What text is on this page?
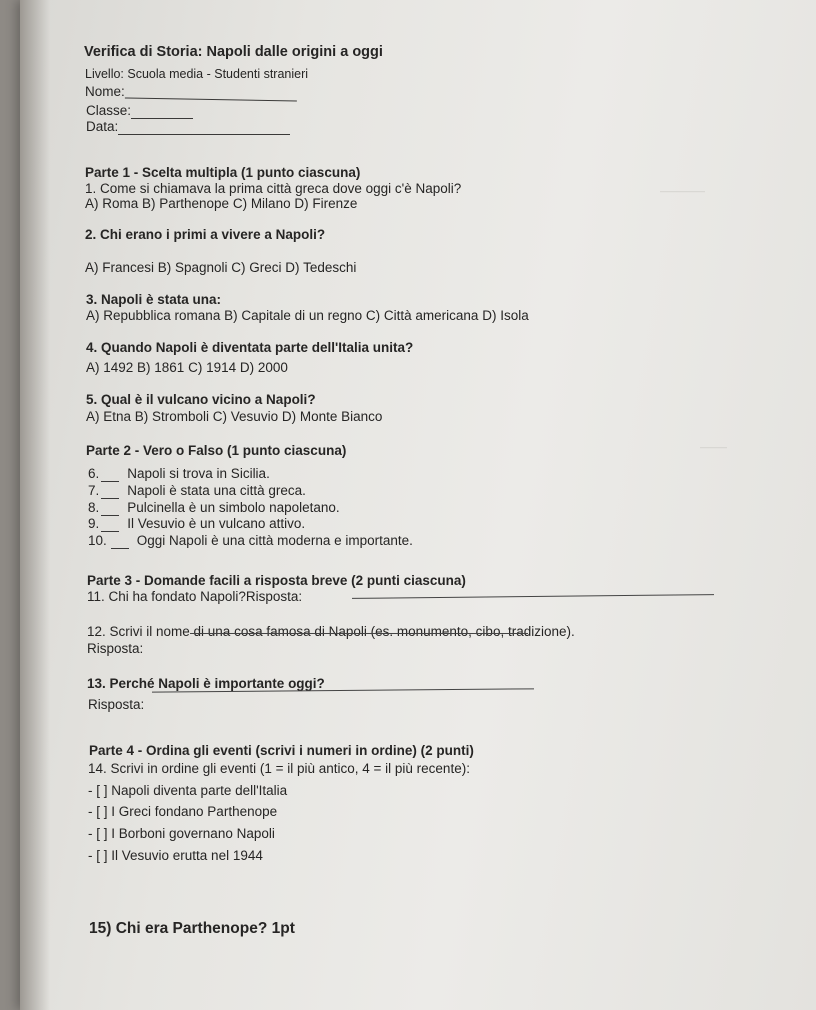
—————
———
Verifica di Storia: Napoli dalle origini a oggi
Livello: Scuola media - Studenti stranieri
Nome:
Classe:
Data:
Parte 1 - Scelta multipla (1 punto ciascuna)
1. Come si chiamava la prima città greca dove oggi c'è Napoli?
A) Roma B) Parthenope C) Milano D) Firenze
2. Chi erano i primi a vivere a Napoli?
A) Francesi B) Spagnoli C) Greci D) Tedeschi
3. Napoli è stata una:
A) Repubblica romana B) Capitale di un regno C) Città americana D) Isola
4. Quando Napoli è diventata parte dell'Italia unita?
A) 1492 B) 1861 C) 1914 D) 2000
5. Qual è il vulcano vicino a Napoli?
A) Etna B) Stromboli C) Vesuvio D) Monte Bianco
Parte 2 - Vero o Falso (1 punto ciascuna)
6. Napoli si trova in Sicilia.
7. Napoli è stata una città greca.
8. Pulcinella è un simbolo napoletano.
9. Il Vesuvio è un vulcano attivo.
10. Oggi Napoli è una città moderna e importante.
Parte 3 - Domande facili a risposta breve (2 punti ciascuna)
11. Chi ha fondato Napoli?Risposta:
12. Scrivi il nome di una cosa famosa di Napoli (es. monumento, cibo, tradizione).
Risposta:
13. Perché Napoli è importante oggi?
Risposta:
Parte 4 - Ordina gli eventi (scrivi i numeri in ordine) (2 punti)
14. Scrivi in ordine gli eventi (1 = il più antico, 4 = il più recente):
- [ ] Napoli diventa parte dell'Italia
- [ ] I Greci fondano Parthenope
- [ ] I Borboni governano Napoli
- [ ] Il Vesuvio erutta nel 1944
15) Chi era Parthenope? 1pt
